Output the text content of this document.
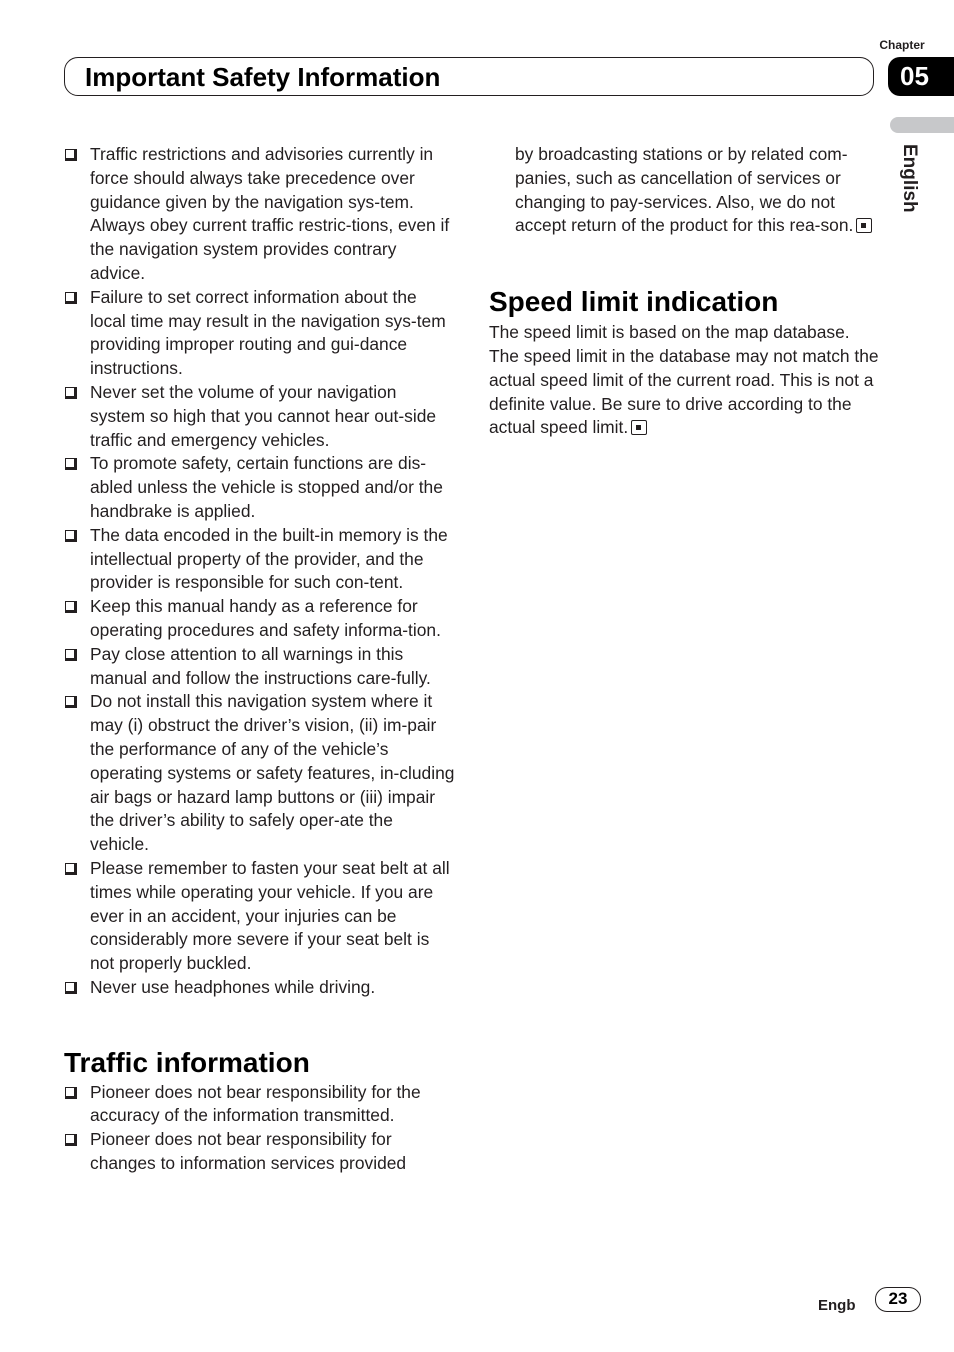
Chapter
05
Important Safety Information
English
Traffic restrictions and advisories currently in force should always take precedence over guidance given by the navigation sys-tem. Always obey current traffic restric-tions, even if the navigation system provides contrary advice.
Failure to set correct information about the local time may result in the navigation sys-tem providing improper routing and gui-dance instructions.
Never set the volume of your navigation system so high that you cannot hear out-side traffic and emergency vehicles.
To promote safety, certain functions are dis-abled unless the vehicle is stopped and/or the handbrake is applied.
The data encoded in the built-in memory is the intellectual property of the provider, and the provider is responsible for such con-tent.
Keep this manual handy as a reference for operating procedures and safety informa-tion.
Pay close attention to all warnings in this manual and follow the instructions care-fully.
Do not install this navigation system where it may (i) obstruct the driver’s vision, (ii) im-pair the performance of any of the vehicle’s operating systems or safety features, in-cluding air bags or hazard lamp buttons or (iii) impair the driver’s ability to safely oper-ate the vehicle.
Please remember to fasten your seat belt at all times while operating your vehicle. If you are ever in an accident, your injuries can be considerably more severe if your seat belt is not properly buckled.
Never use headphones while driving.
Traffic information
Pioneer does not bear responsibility for the accuracy of the information transmitted.
Pioneer does not bear responsibility for changes to information services provided

by broadcasting stations or by related com-panies, such as cancellation of services or changing to pay-services. Also, we do not accept return of the product for this rea-son.

Speed limit indication

The speed limit is based on the map database. The speed limit in the database may not match the actual speed limit of the current road. This is not a definite value. Be sure to drive according to the actual speed limit.

Engb	23
